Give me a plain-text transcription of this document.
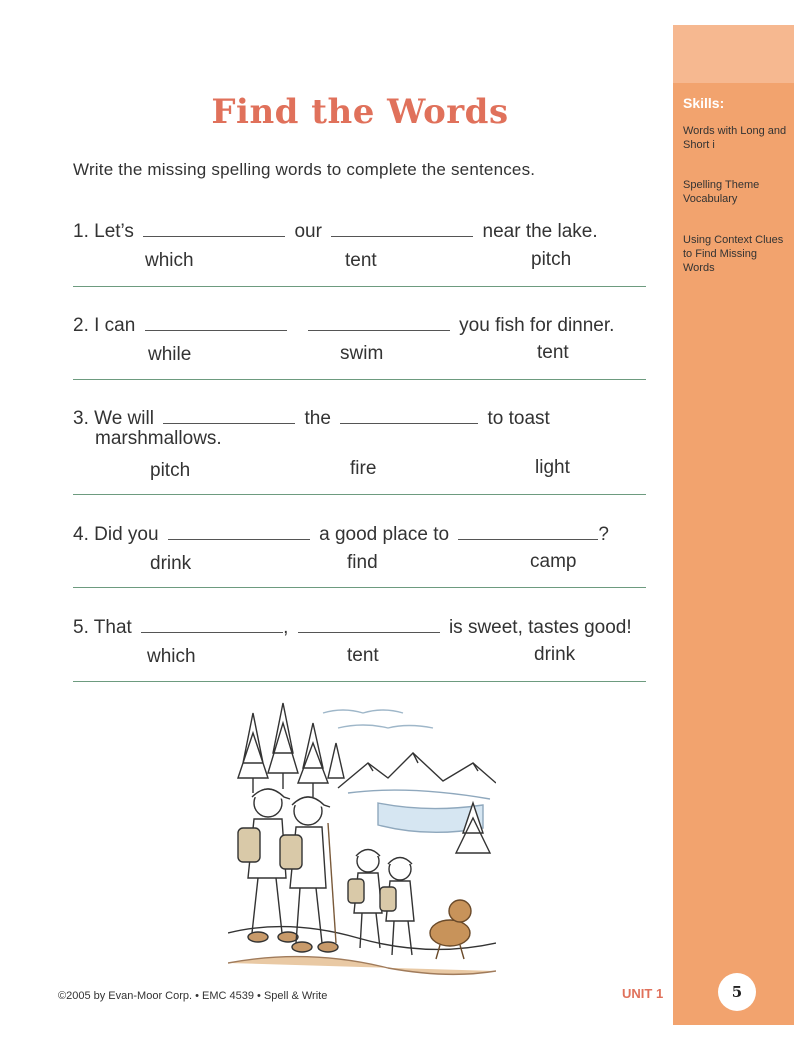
Skills:
Words with Long and Short i
Spelling Theme Vocabulary
Using Context Clues to Find Missing Words
Find the Words
Write the missing spelling words to complete the sentences.
1. Let’s	our	near the lake.
which	tent	pitch
2. I can	you fish for dinner.
while	swim	tent
3. We will	the	to toast
marshmallows.
pitch	fire	light
4. Did you	a good place to	?
drink	find	camp
5. That	,	is sweet, tastes good!
which	tent	drink
©2005 by Evan-Moor Corp. • EMC 4539 • Spell & Write	UNIT 1	5
